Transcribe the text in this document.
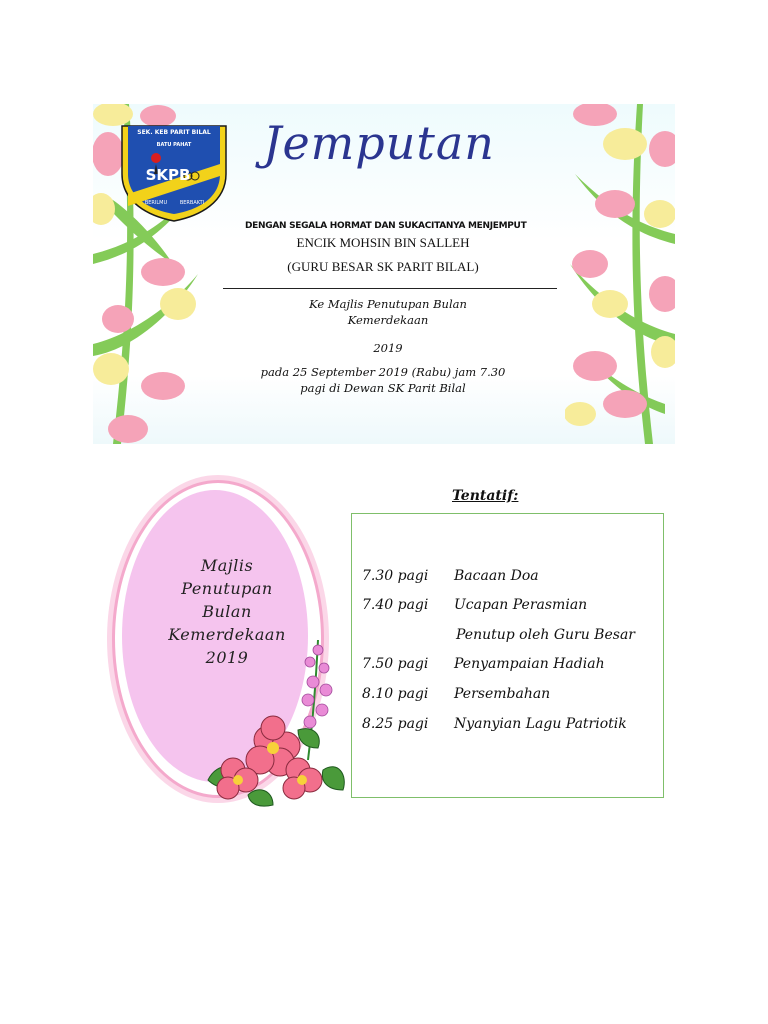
SEK. KEB PARIT BILAL
BATU PAHAT
SKPB
BERILMU	BERBAKTI
Jemputan
DENGAN SEGALA HORMAT DAN SUKACITANYA MENJEMPUT
ENCIK MOHSIN BIN SALLEH
(GURU BESAR SK PARIT BILAL)
Ke Majlis Penutupan Bulan
Kemerdekaan
2019
pada 25 September 2019 (Rabu) jam 7.30
pagi di Dewan SK Parit Bilal
Majlis
Penutupan
Bulan
Kemerdekaan
2019
Tentatif:
7.30 pagi Bacaan Doa
7.40 pagi Ucapan Perasmian
Penutup oleh Guru Besar
7.50 pagi Penyampaian Hadiah
8.10 pagi Persembahan
8.25 pagi Nyanyian Lagu Patriotik
